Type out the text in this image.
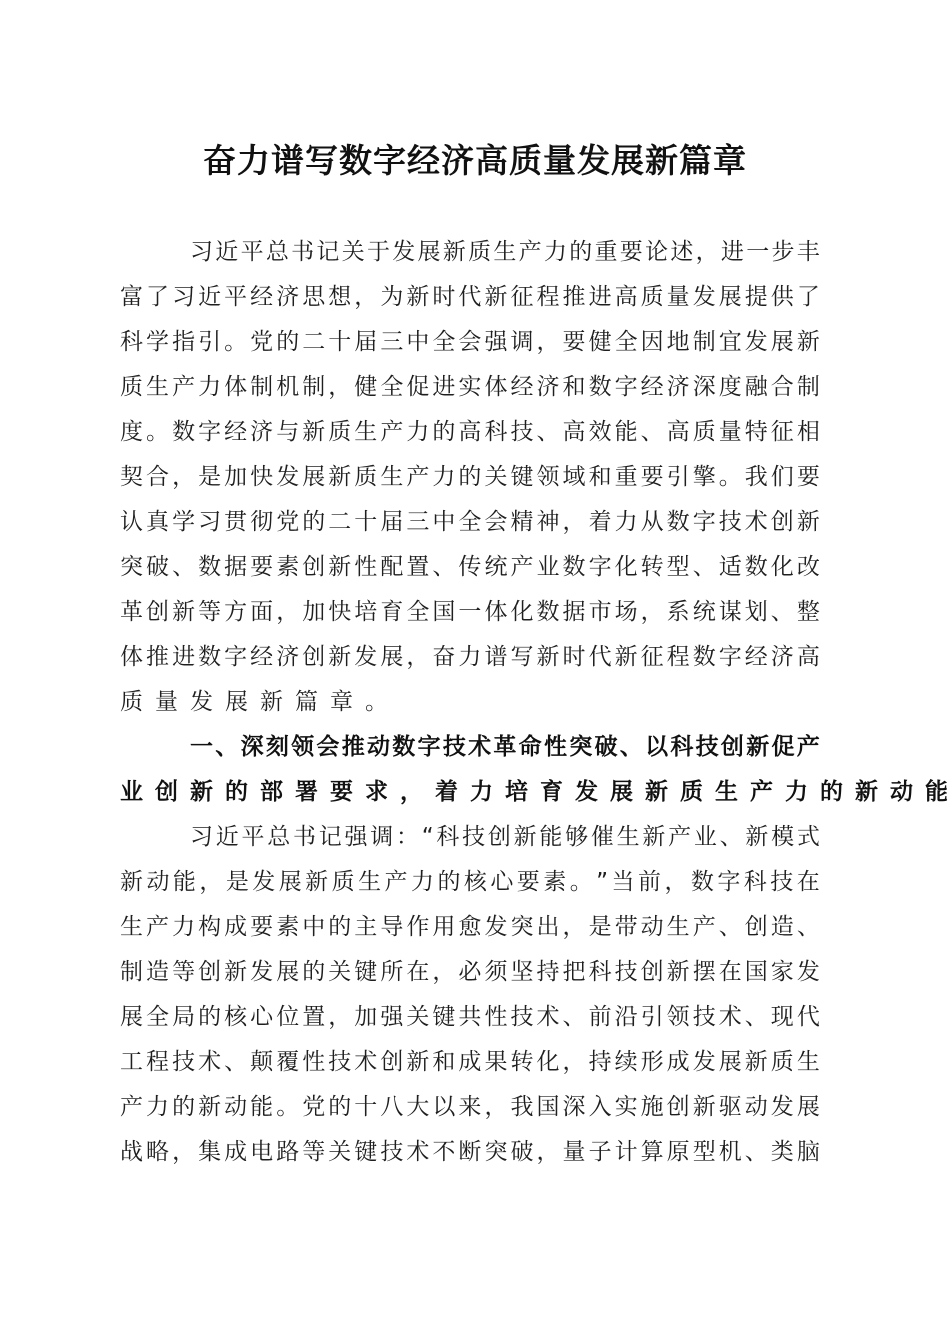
奋力谱写数字经济高质量发展新篇章
习 近 平 总 书 记 关 于 发 展 新 质 生 产 力 的 重 要 论 述 ， 进 一 步 丰
富 了 习 近 平 经 济 思 想 ， 为 新 时 代 新 征 程 推 进 高 质 量 发 展 提 供 了
科 学 指 引 。 党 的 二 十 届 三 中 全 会 强 调 ， 要 健 全 因 地 制 宜 发 展 新
质 生 产 力 体 制 机 制 ， 健 全 促 进 实 体 经 济 和 数 字 经 济 深 度 融 合 制
度 。 数 字 经 济 与 新 质 生 产 力 的 高 科 技 、 高 效 能 、 高 质 量 特 征 相
契 合 ， 是 加 快 发 展 新 质 生 产 力 的 关 键 领 域 和 重 要 引 擎 。 我 们 要
认 真 学 习 贯 彻 党 的 二 十 届 三 中 全 会 精 神 ， 着 力 从 数 字 技 术 创 新
突 破 、 数 据 要 素 创 新 性 配 置 、 传 统 产 业 数 字 化 转 型 、 适 数 化 改
革 创 新 等 方 面 ， 加 快 培 育 全 国 一 体 化 数 据 市 场 ， 系 统 谋 划 、 整
体 推 进 数 字 经 济 创 新 发 展 ， 奋 力 谱 写 新 时 代 新 征 程 数 字 经 济 高
质 量 发 展 新 篇 章 。
一 、 深 刻 领 会 推 动 数 字 技 术 革 命 性 突 破 、 以 科 技 创 新 促 产
业 创 新 的 部 署 要 求 ， 着 力 培 育 发 展 新 质 生 产 力 的 新 动 能
习 近 平 总 书 记 强 调 ： “ 科 技 创 新 能 够 催 生 新 产 业 、 新 模 式
新 动 能 ， 是 发 展 新 质 生 产 力 的 核 心 要 素 。 ” 当 前 ， 数 字 科 技 在
生 产 力 构 成 要 素 中 的 主 导 作 用 愈 发 突 出 ， 是 带 动 生 产 、 创 造 、
制 造 等 创 新 发 展 的 关 键 所 在 ， 必 须 坚 持 把 科 技 创 新 摆 在 国 家 发
展 全 局 的 核 心 位 置 ， 加 强 关 键 共 性 技 术 、 前 沿 引 领 技 术 、 现 代
工 程 技 术 、 颠 覆 性 技 术 创 新 和 成 果 转 化 ， 持 续 形 成 发 展 新 质 生
产 力 的 新 动 能 。 党 的 十 八 大 以 来 ， 我 国 深 入 实 施 创 新 驱 动 发 展
战 略 ， 集 成 电 路 等 关 键 技 术 不 断 突 破 ， 量 子 计 算 原 型 机 、 类 脑
